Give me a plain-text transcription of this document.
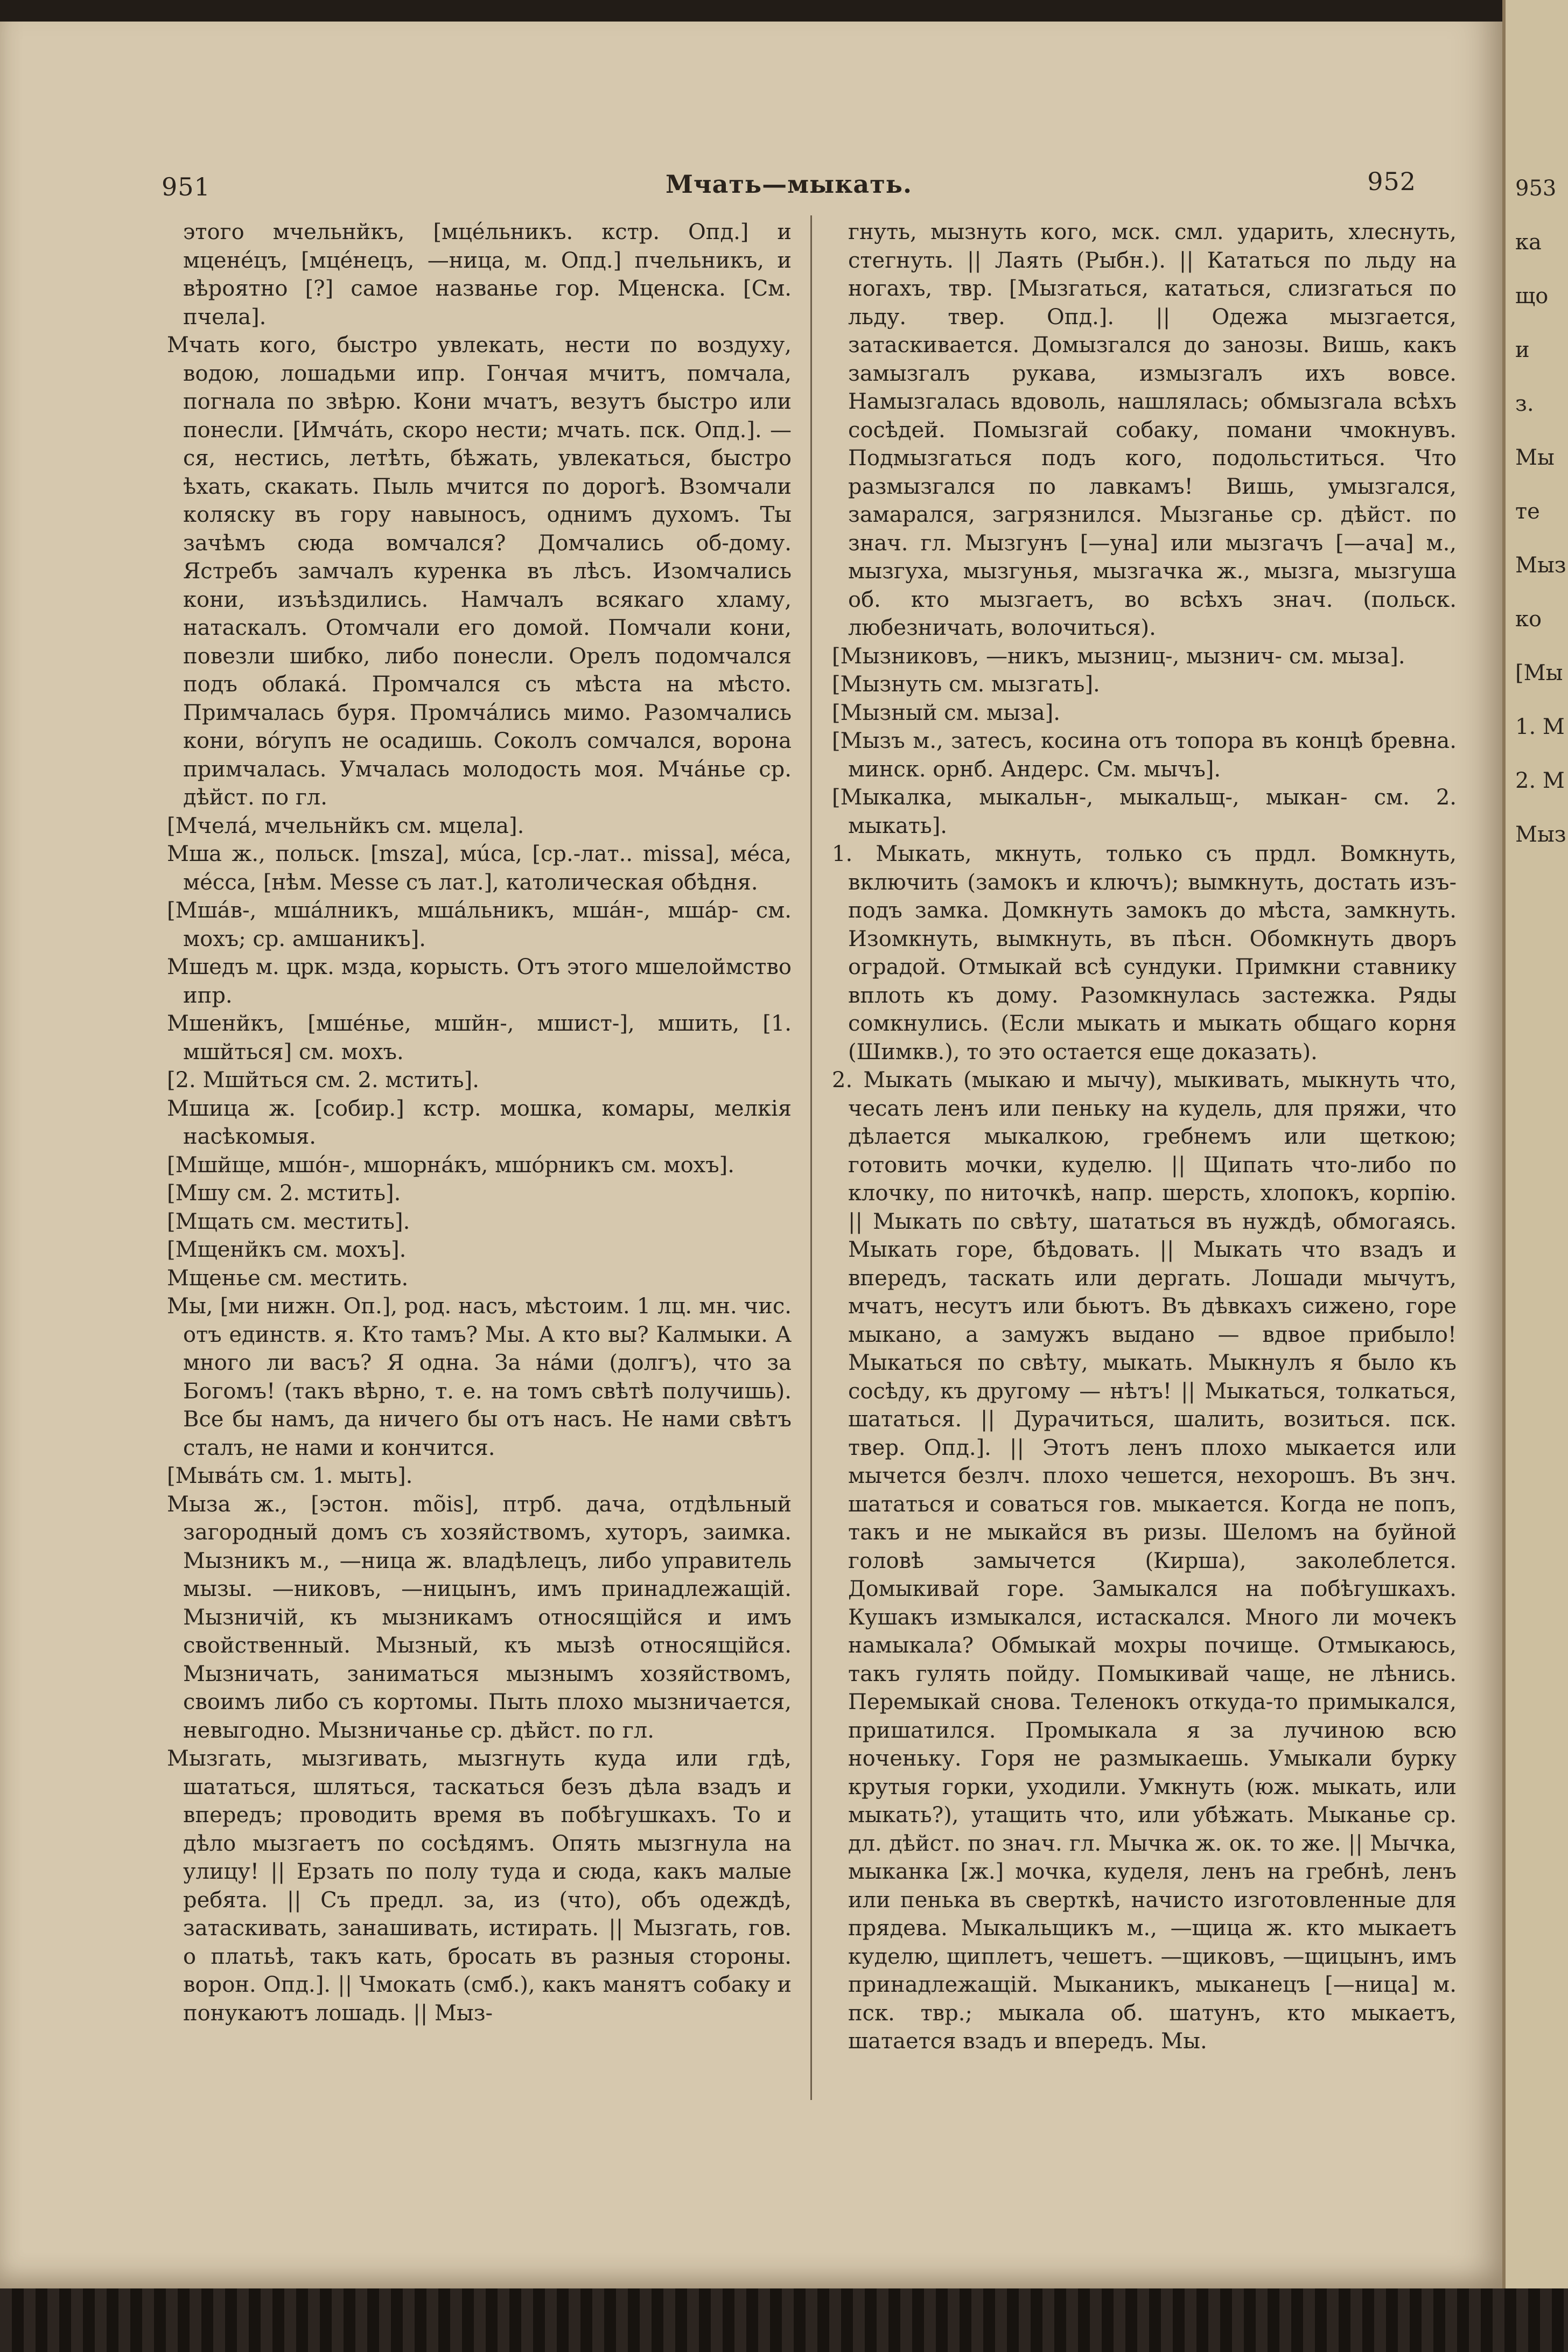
951	Мчать—мыкать.	952

этого мчельнйкъ, [мцéльникъ. кстр. Опд.] и мценéцъ, [мцéнецъ, —ница, м. Опд.] пчельникъ, и вѣроятно [?] самое названье гор. Мценска. [См. пчела].

Мчать кого, быстро увлекать, нести по воздуху, водою, лошадьми ипр. Гончая мчитъ, помчала, погнала по звѣрю. Кони мчатъ, везутъ быстро или понесли. [Имчáть, скоро нести; мчать. пск. Опд.]. —ся, нестись, летѣть, бѣжать, увлекаться, быстро ѣхать, скакать. Пыль мчится по дорогѣ. Взомчали коляску въ гору навыносъ, однимъ духомъ. Ты зачѣмъ сюда вомчался? Домчались об-дому. Ястребъ замчалъ куренка въ лѣсъ. Изомчались кони, изъѣздились. Намчалъ всякаго хламу, натаскалъ. Отомчали его домой. Помчали кони, повезли шибко, либо понесли. Орелъ подомчался подъ облакá. Промчался съ мѣста на мѣсто. Примчалась буря. Промчáлись мимо. Разомчались кони, вórупъ не осадишь. Соколъ сомчался, ворона примчалась. Умчалась молодость моя. Мчáнье ср. дѣйст. по гл.

[Мчелá, мчельнйкъ см. мцела].

Мша ж., польск. [msza], мúса, [ср.-лат.. missa], мéса, мéсса, [нѣм. Messe съ лат.], католическая обѣдня.

[Мшáв-, мшáлникъ, мшáльникъ, мшáн-, мшáр- см. мохъ; ср. амшаникъ].

Мшедъ м. црк. мзда, корысть. Отъ этого мшелоймство ипр.

Мшенйкъ, [мшéнье, мшйн-, мшист-], мшить, [1. мшйться] см. мохъ.

[2. Мшйться см. 2. мстить].

Мшица ж. [собир.] кстр. мошка, комары, мелкія насѣкомыя.

[Мшйще, мшóн-, мшорнáкъ, мшóрникъ см. мохъ].

[Мшу см. 2. мстить].

[Мщать см. местить].

[Мщенйкъ см. мохъ].

Мщенье см. местить.

Мы, [ми нижн. Оп.], род. насъ, мѣстоим. 1 лц. мн. чис. отъ единств. я. Кто тамъ? Мы. А кто вы? Калмыки. А много ли васъ? Я одна. За нáми (долгъ), что за Богомъ! (такъ вѣрно, т. е. на томъ свѣтѣ получишь). Все бы намъ, да ничего бы отъ насъ. Не нами свѣтъ сталъ, не нами и кончится.

[Мывáть см. 1. мыть].

Мыза ж., [эстон. mõis], птрб. дача, отдѣльный загородный домъ съ хозяйствомъ, хуторъ, заимка. Мызникъ м., —ница ж. владѣлецъ, либо управитель мызы. —никовъ, —ницынъ, имъ принадлежащій. Мызничій, къ мызникамъ относящійся и имъ свойственный. Мызный, къ мызѣ относящійся. Мызничать, заниматься мызнымъ хозяйствомъ, своимъ либо съ кортомы. Пыть плохо мызничается, невыгодно. Мызничанье ср. дѣйст. по гл.

Мызгать, мызгивать, мызгнуть куда или гдѣ, шататься, шляться, таскаться безъ дѣла взадъ и впередъ; проводить время въ побѣгушкахъ. То и дѣло мызгаетъ по сосѣдямъ. Опять мызгнула на улицу! || Ерзать по полу туда и сюда, какъ малые ребята. || Съ предл. за, из (что), объ одеждѣ, затаскивать, занашивать, истирать. || Мызгать, гов. о платьѣ, такъ кать, бросать въ разныя стороны. ворон. Опд.]. || Чмокать (смб.), какъ манятъ собаку и понукаютъ лошадь. || Мыз-

гнуть, мызнуть кого, мск. смл. ударить, хлеснуть, стегнуть. || Лаять (Рыбн.). || Кататься по льду на ногахъ, твр. [Мызгаться, кататься, слизгаться по льду. твер. Опд.]. || Одежа мызгается, затаскивается. Домызгался до занозы. Вишь, какъ замызгалъ рукава, измызгалъ ихъ вовсе. Намызгалась вдоволь, нашлялась; обмызгала всѣхъ сосѣдей. Помызгай собаку, помани чмокнувъ. Подмызгаться подъ кого, подольститься. Что размызгался по лавкамъ! Вишь, умызгался, замарался, загрязнился. Мызганье ср. дѣйст. по знач. гл. Мызгунъ [—уна] или мызгачъ [—ача] м., мызгуха, мызгунья, мызгачка ж., мызга, мызгуша об. кто мызгаетъ, во всѣхъ знач. (польск. любезничать, волочиться).

[Мызниковъ, —никъ, мызниц-, мызнич- см. мыза].

[Мызнуть см. мызгать].

[Мызный см. мыза].

[Мызъ м., затесъ, косина отъ топора въ концѣ бревна. минск. орнб. Андерс. См. мычъ].

[Мыкалка, мыкальн-, мыкальщ-, мыкан- см. 2. мыкать].

1. Мыкать, мкнуть, только съ прдл. Вомкнуть, включить (замокъ и ключъ); вымкнуть, достать изъ-подъ замка. Домкнуть замокъ до мѣста, замкнуть. Изомкнуть, вымкнуть, въ пѣсн. Обомкнуть дворъ оградой. Отмыкай всѣ сундуки. Примкни ставнику вплоть къ дому. Разомкнулась застежка. Ряды сомкнулись. (Если мыкать и мыкать общаго корня (Шимкв.), то это остается еще доказать).

2. Мыкать (мыкаю и мычу), мыкивать, мыкнуть что, чесать ленъ или пеньку на кудель, для пряжи, что дѣлается мыкалкою, гребнемъ или щеткою; готовить мочки, куделю. || Щипать что-либо по клочку, по ниточкѣ, напр. шерсть, хлопокъ, корпію. || Мыкать по свѣту, шататься въ нуждѣ, обмогаясь. Мыкать горе, бѣдовать. || Мыкать что взадъ и впередъ, таскать или дергать. Лошади мычутъ, мчатъ, несутъ или бьютъ. Въ дѣвкахъ сижено, горе мыкано, а замужъ выдано — вдвое прибыло! Мыкаться по свѣту, мыкать. Мыкнулъ я было къ сосѣду, къ другому — нѣтъ! || Мыкаться, толкаться, шататься. || Дурачиться, шалить, возиться. пск. твер. Опд.]. || Этотъ ленъ плохо мыкается или мычется безлч. плохо чешется, нехорошъ. Въ знч. шататься и соваться гов. мыкается. Когда не попъ, такъ и не мыкайся въ ризы. Шеломъ на буйной головѣ замычется (Кирша), заколеблется. Домыкивай горе. Замыкался на побѣгушкахъ. Кушакъ измыкался, истаскался. Много ли мочекъ намыкала? Обмыкай мохры почище. Отмыкаюсь, такъ гулять пойду. Помыкивай чаще, не лѣнись. Перемыкай снова. Теленокъ откуда-то примыкался, пришатился. Промыкала я за лучиною всю ноченьку. Горя не размыкаешь. Умыкали бурку крутыя горки, уходили. Умкнуть (юж. мыкать, или мыкать?), утащить что, или убѣжать. Мыканье ср. дл. дѣйст. по знач. гл. Мычка ж. ок. то же. || Мычка, мыканка [ж.] мочка, куделя, ленъ на гребнѣ, ленъ или пенька въ сверткѣ, начисто изготовленные для прядева. Мыкальщикъ м., —щица ж. кто мыкаетъ куделю, щиплетъ, чешетъ. —щиковъ, —щицынъ, имъ принадлежащій. Мыканикъ, мыканецъ [—ница] м. пск. твр.; мыкала об. шатунъ, кто мыкаетъ, шатается взадъ и впередъ. Мы.

953
ка
що
и
з.
Мы
те
Мыз
ко
[Мы
1. М
2. М
Мыз
